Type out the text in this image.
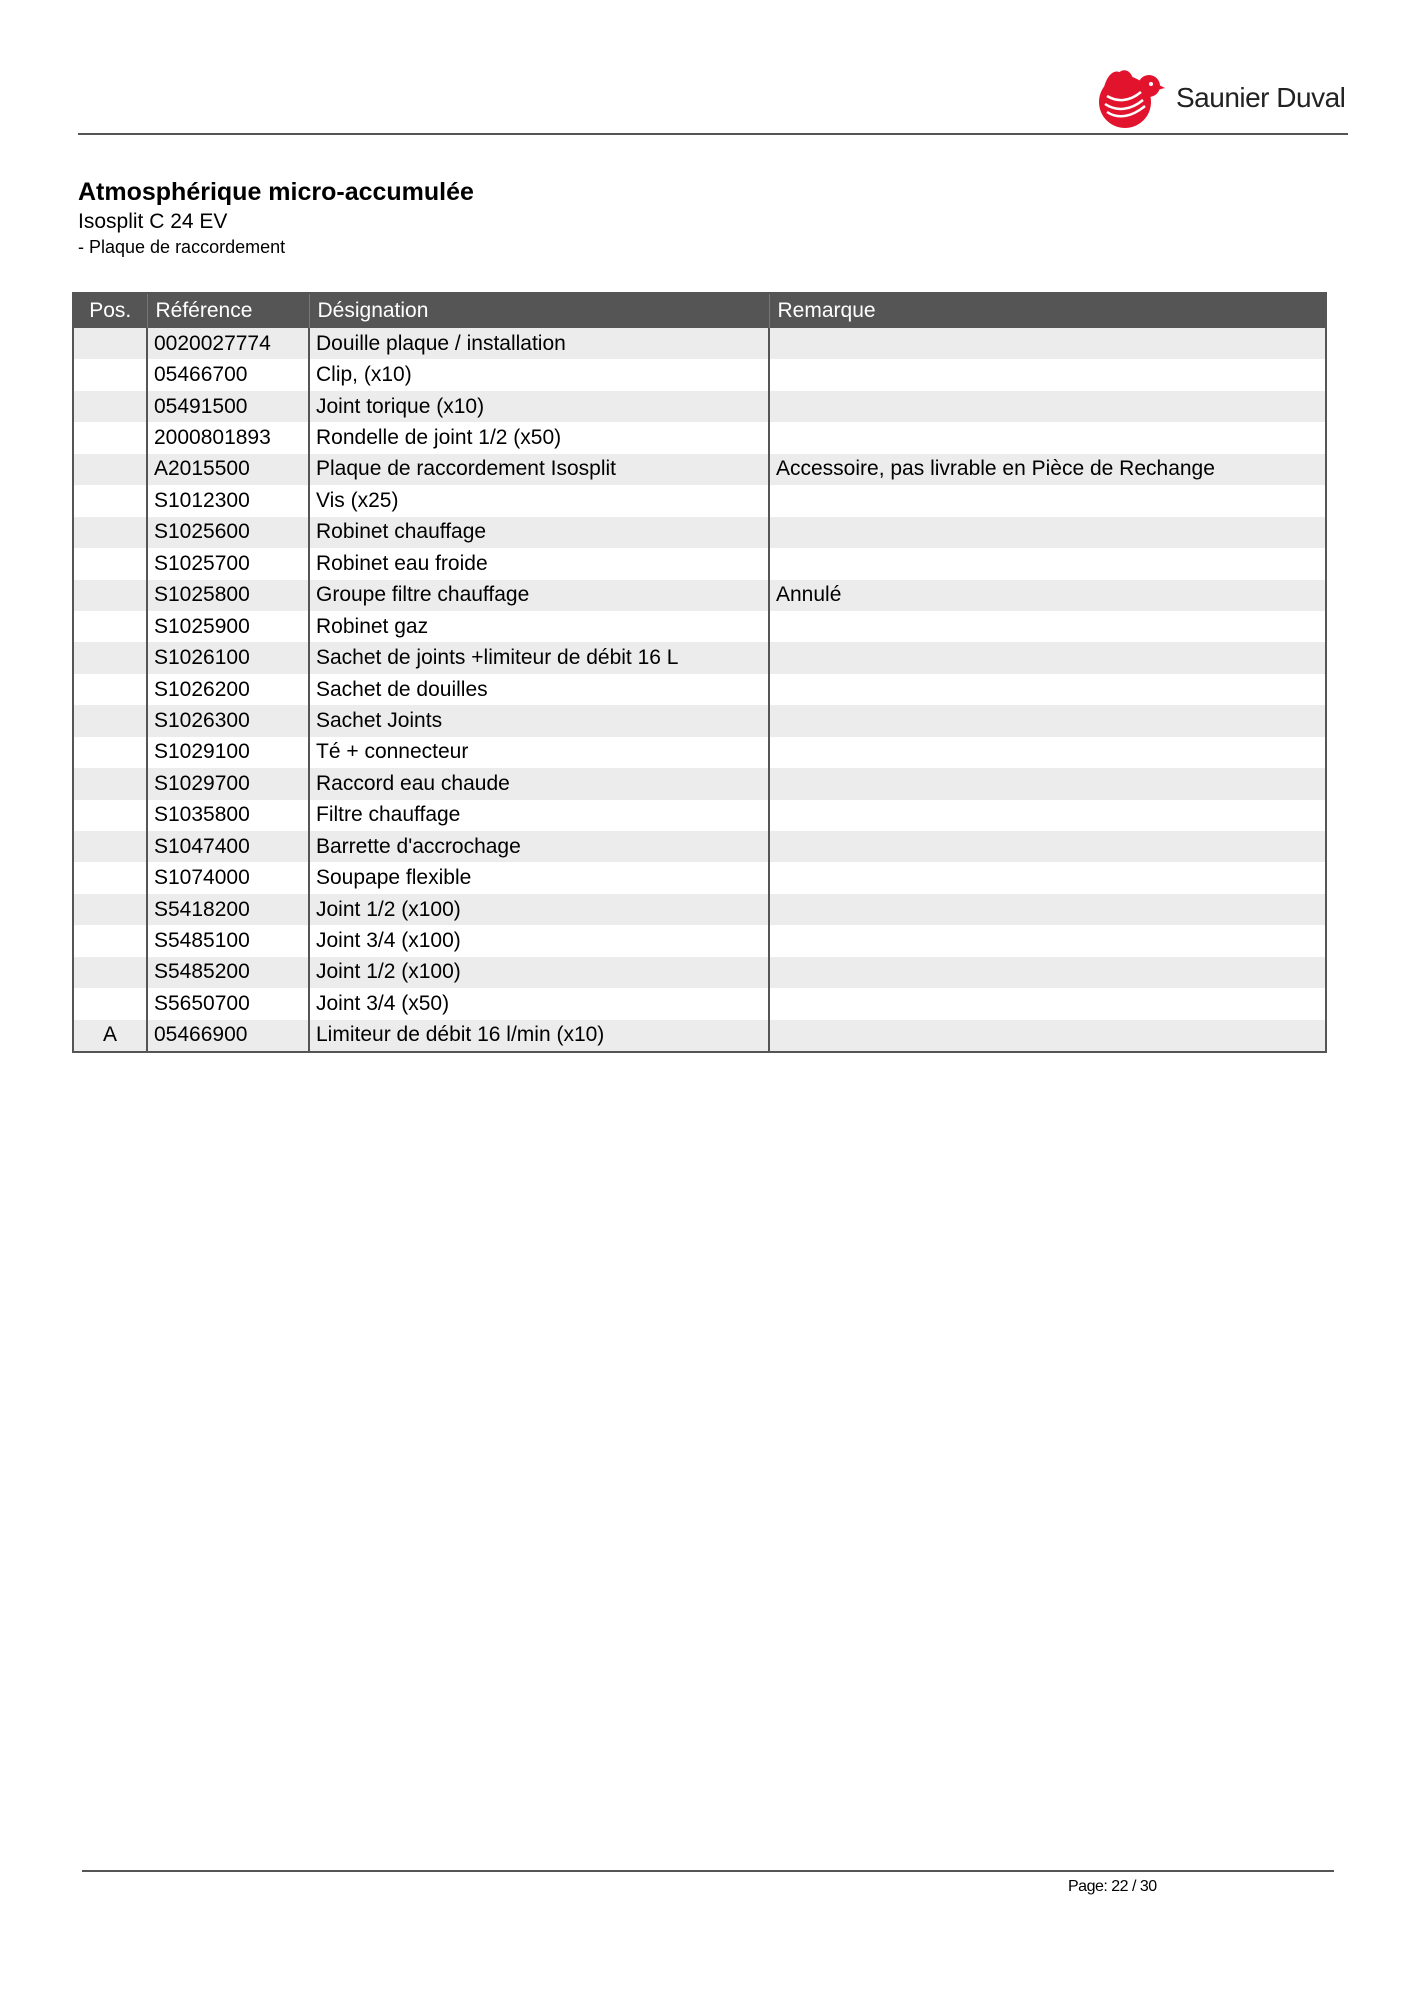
Saunier Duval
Atmosphérique micro-accumulée
Isosplit C 24 EV
- Plaque de raccordement
Pos.	Référence	Désignation	Remarque
	0020027774	Douille plaque / installation	
	05466700	Clip, (x10)	
	05491500	Joint torique (x10)	
	2000801893	Rondelle de joint 1/2 (x50)	
	A2015500	Plaque de raccordement Isosplit	Accessoire, pas livrable en Pièce de Rechange
	S1012300	Vis (x25)	
	S1025600	Robinet chauffage	
	S1025700	Robinet eau froide	
	S1025800	Groupe filtre chauffage	Annulé
	S1025900	Robinet gaz	
	S1026100	Sachet de joints +limiteur de débit 16 L	
	S1026200	Sachet de douilles	
	S1026300	Sachet Joints	
	S1029100	Té + connecteur	
	S1029700	Raccord eau chaude	
	S1035800	Filtre chauffage	
	S1047400	Barrette d'accrochage	
	S1074000	Soupape flexible	
	S5418200	Joint 1/2 (x100)	
	S5485100	Joint 3/4 (x100)	
	S5485200	Joint 1/2 (x100)	
	S5650700	Joint 3/4 (x50)	
A	05466900	Limiteur de débit 16 l/min (x10)	
Page: 22 / 30
